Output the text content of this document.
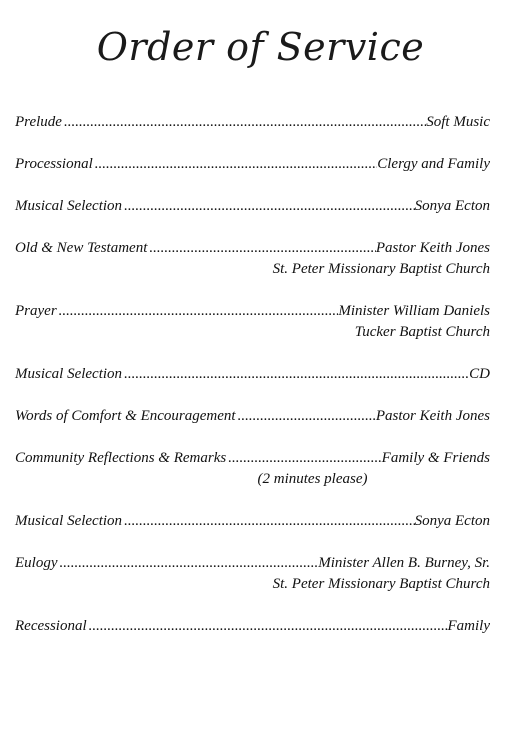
Order of Service
Prelude .....	Soft Music
Processional .....	Clergy and Family
Musical Selection .....	Sonya Ecton
Old & New Testament .....	Pastor Keith Jones
St. Peter Missionary Baptist Church
Prayer .....	Minister William Daniels
Tucker Baptist Church
Musical Selection .....	CD
Words of Comfort & Encouragement .....	Pastor Keith Jones
Community Reflections & Remarks .....	Family & Friends
(2 minutes please)
Musical Selection .....	Sonya Ecton
Eulogy .....	Minister Allen B. Burney, Sr.
St. Peter Missionary Baptist Church
Recessional .....	Family
